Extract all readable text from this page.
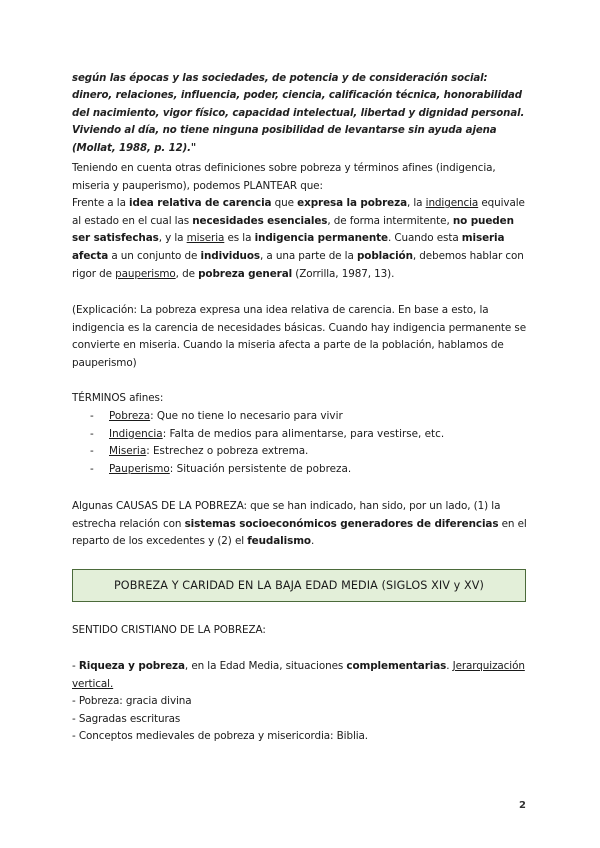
según las épocas y las sociedades, de potencia y de consideración social: dinero, relaciones, influencia, poder, ciencia, calificación técnica, honorabilidad del nacimiento, vigor físico, capacidad intelectual, libertad y dignidad personal. Viviendo al día, no tiene ninguna posibilidad de levantarse sin ayuda ajena (Mollat, 1988, p. 12)."
Teniendo en cuenta otras definiciones sobre pobreza y términos afines (indigencia, miseria y pauperismo), podemos PLANTEAR que:
Frente a la idea relativa de carencia que expresa la pobreza, la indigencia equivale al estado en el cual las necesidades esenciales, de forma intermitente, no pueden ser satisfechas, y la miseria es la indigencia permanente. Cuando esta miseria afecta a un conjunto de individuos, a una parte de la población, debemos hablar con rigor de pauperismo, de pobreza general (Zorrilla, 1987, 13).
(Explicación: La pobreza expresa una idea relativa de carencia. En base a esto, la indigencia es la carencia de necesidades básicas. Cuando hay indigencia permanente se convierte en miseria. Cuando la miseria afecta a parte de la población, hablamos de pauperismo)
TÉRMINOS afines:
- Pobreza: Que no tiene lo necesario para vivir
- Indigencia: Falta de medios para alimentarse, para vestirse, etc.
- Miseria: Estrechez o pobreza extrema.
- Pauperismo: Situación persistente de pobreza.
Algunas CAUSAS DE LA POBREZA: que se han indicado, han sido, por un lado, (1) la estrecha relación con sistemas socioeconómicos generadores de diferencias en el reparto de los excedentes y (2) el feudalismo.
POBREZA Y CARIDAD EN LA BAJA EDAD MEDIA (SIGLOS XIV y XV)
SENTIDO CRISTIANO DE LA POBREZA:
- Riqueza y pobreza, en la Edad Media, situaciones complementarias. Jerarquización vertical.
- Pobreza: gracia divina
- Sagradas escrituras
- Conceptos medievales de pobreza y misericordia: Biblia.
2
